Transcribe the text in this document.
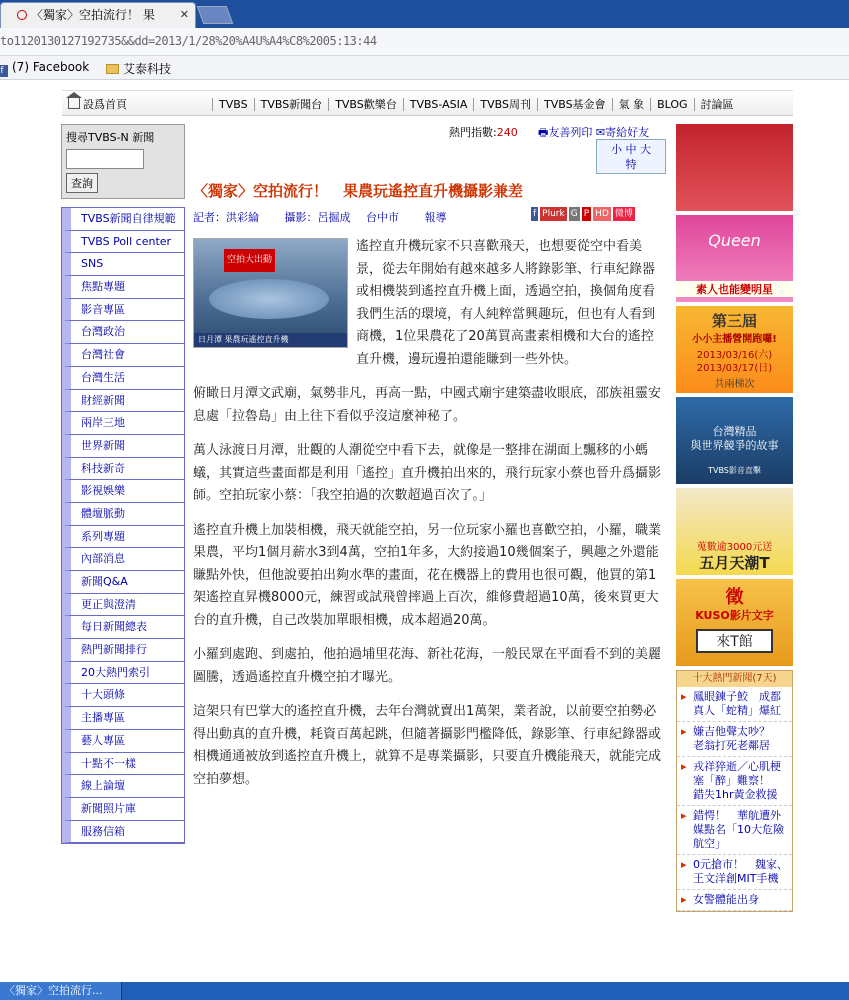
〈獨家〉空拍流行！ 果 ✕
to1120130127192735&&dd=2013/1/28%20%A4U%A4%C8%2005:13:44
f (7) Facebook	艾泰科技
設爲首頁	TVBS TVBS新聞台 TVBS歡樂台 TVBS-ASIA TVBS周刊 TVBS基金會 氣 象 BLOG 討論區
搜尋TVBS-N 新聞
查詢
TVBS新聞自律規範
TVBS Poll center
SNS
焦點專題
影音專區
台灣政治
台灣社會
台灣生活
財經新聞
兩岸三地
世界新聞
科技新奇
影視娛樂
體壇脈動
系列專題
內部消息
新聞Q&A
更正與澄清
每日新聞總表
熱門新聞排行
20大熱門索引
十大頭條
主播專區
藝人專區
十點不一樣
線上論壇
新聞照片庫
服務信箱
熱門指數:240 🖶友善列印 ✉寄給好友
小 中 大
特
〈獨家〉空拍流行！　果農玩遙控直升機攝影兼差
記者：洪彩綸 攝影：呂掘成 台中市 報導	f Plurk G P HD 微博

空拍大出動
日月潭 果農玩遙控直升機
遙控直升機玩家不只喜歡飛天，也想要從空中看美景，從去年開始有越來越多人將錄影筆、行車紀錄器或相機裝到遙控直升機上面，透過空拍，換個角度看我們生活的環境，有人純粹當興趣玩，但也有人看到商機，1位果農花了20萬買高畫素相機和大台的遙控直升機，邊玩邊拍還能賺到一些外快。

俯瞰日月潭文武廟，氣勢非凡，再高一點，中國式廟宇建築盡收眼底，邵族祖靈安息處「拉魯島」由上往下看似乎沒這麼神秘了。

萬人泳渡日月潭，壯觀的人潮從空中看下去，就像是一整排在湖面上飄移的小螞蟻，其實這些畫面都是利用「遙控」直升機拍出來的，飛行玩家小蔡也晉升爲攝影師。空拍玩家小蔡：「我空拍過的次數超過百次了。」

遙控直升機上加裝相機，飛天就能空拍，另一位玩家小羅也喜歡空拍，小羅，職業果農，平均1個月薪水3到4萬，空拍1年多，大約接過10幾個案子，興趣之外還能賺點外快，但他說要拍出夠水準的畫面，花在機器上的費用也很可觀，他買的第1架遙控直昇機8000元，練習或試飛曾摔過上百次，維修費超過10萬，後來買更大台的直升機，自己改裝加單眼相機，成本超過20萬。

小羅到處跑、到處拍，他拍過埔里花海、新社花海，一般民眾在平面看不到的美麗圖騰，透過遙控直升機空拍才曝光。

這架只有巴掌大的遙控直升機，去年台灣就賣出1萬架，業者說，以前要空拍勢必得出動真的直升機，耗資百萬起跳，但隨著攝影門檻降低，錄影筆、行車紀錄器或相機通通被放到遙控直升機上，就算不是專業攝影，只要直升機能飛天，就能完成空拍夢想。

Queen
素人也能變明星
第三屆
小小主播營開跑囉!
2013/03/16(六)
2013/03/17(日)
共兩梯次
台灣精品
與世界競爭的故事
TVBS影音直擊
蒐數逾3000元送
五月天潮T
徵
KUSO影片文字
來T館
十大熱門新聞(7天)
▸ 鳳眼鍊子鮫　成都真人「蛇精」爆紅
▸ 嫌吉他聲太吵？　老翁打死老鄰居
▸ 戎祥猝逝／心肌梗塞「醉」難察！　錯失1hr黃金救援
▸ 錯愕！　華航遭外媒點名「10大危險航空」
▸ 0元搶市！　魏家、王文洋創MIT手機
▸ 女警體能出身
〈獨家〉空拍流行...
